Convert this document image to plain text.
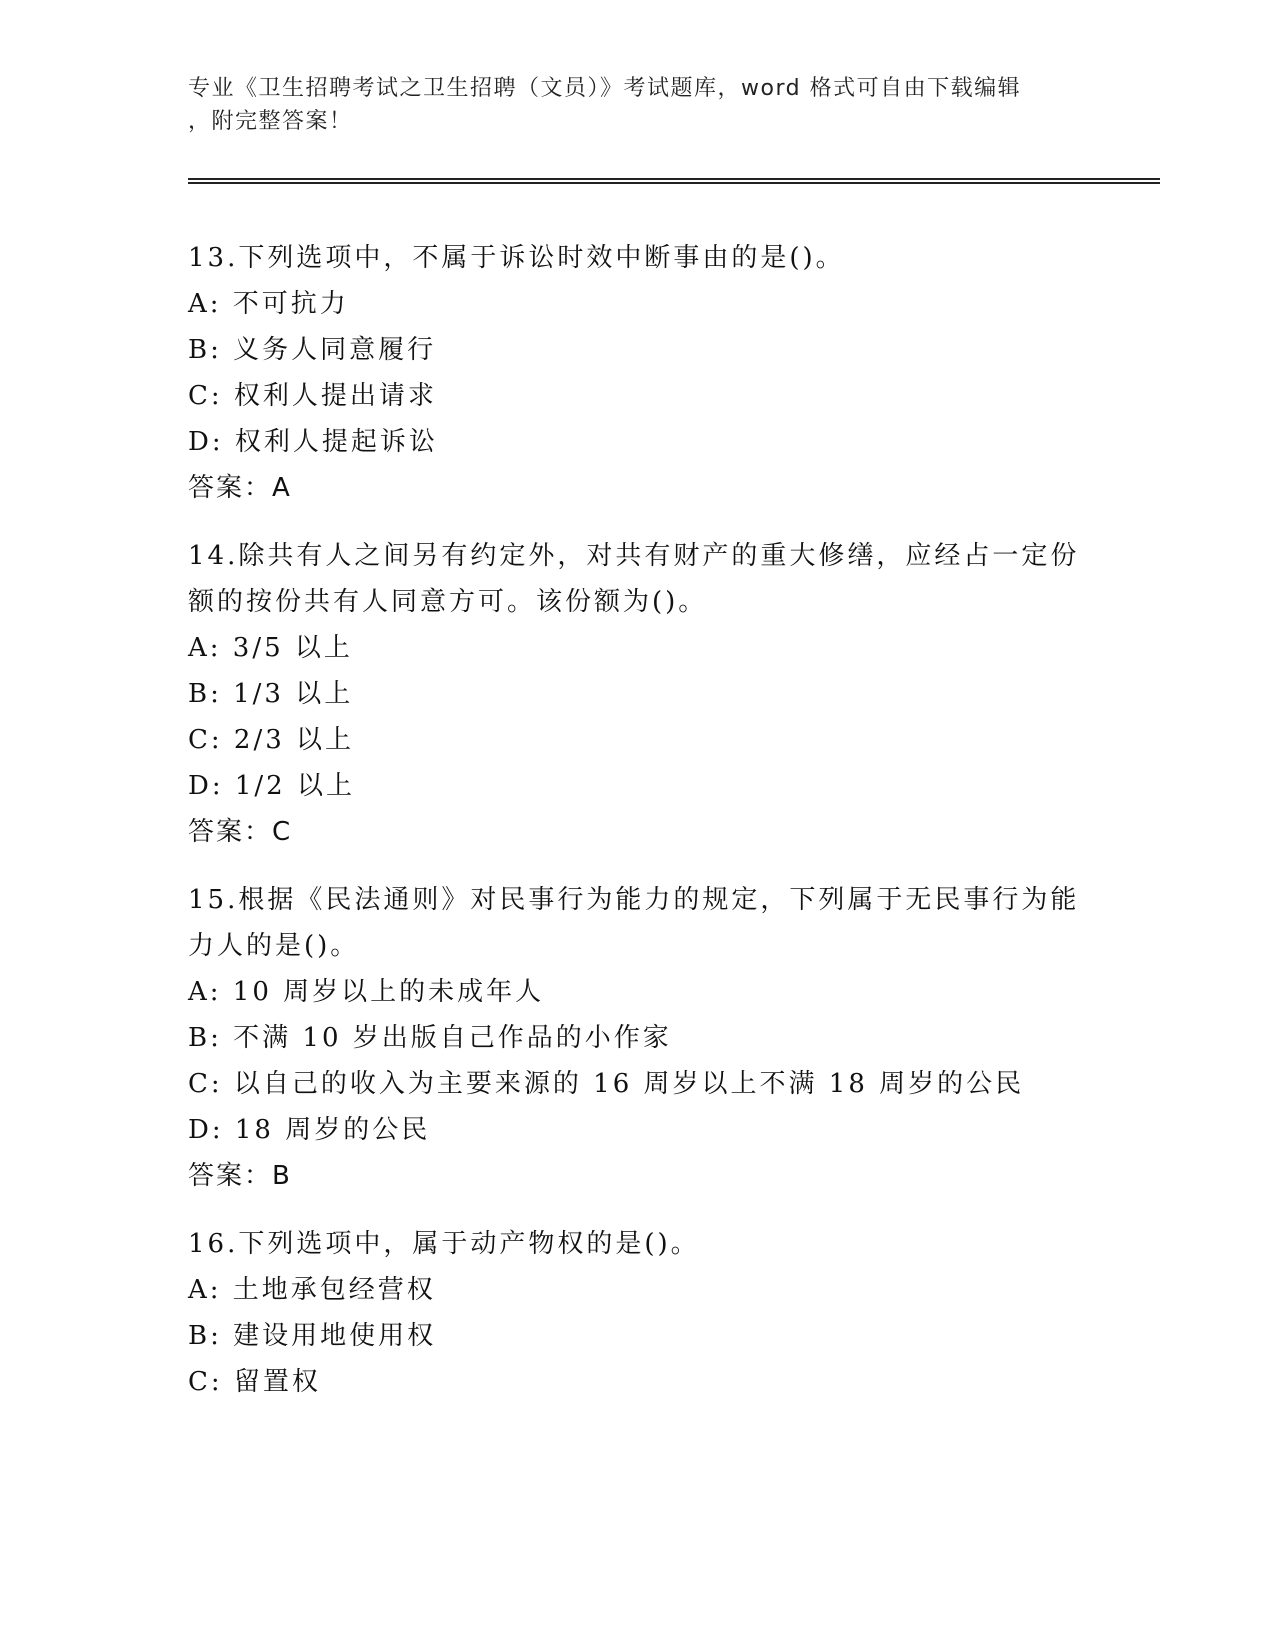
专业《卫生招聘考试之卫生招聘（文员）》考试题库，word 格式可自由下载编辑
，附完整答案！
13.下列选项中，不属于诉讼时效中断事由的是()。
A: 不可抗力
B: 义务人同意履行
C: 权利人提出请求
D: 权利人提起诉讼
答案：A
14.除共有人之间另有约定外，对共有财产的重大修缮，应经占一定份
额的按份共有人同意方可。该份额为()。
A: 3/5 以上
B: 1/3 以上
C: 2/3 以上
D: 1/2 以上
答案：C
15.根据《民法通则》对民事行为能力的规定，下列属于无民事行为能
力人的是()。
A: 10 周岁以上的未成年人
B: 不满 10 岁出版自己作品的小作家
C: 以自己的收入为主要来源的 16 周岁以上不满 18 周岁的公民
D: 18 周岁的公民
答案：B
16.下列选项中，属于动产物权的是()。
A: 土地承包经营权
B: 建设用地使用权
C: 留置权
